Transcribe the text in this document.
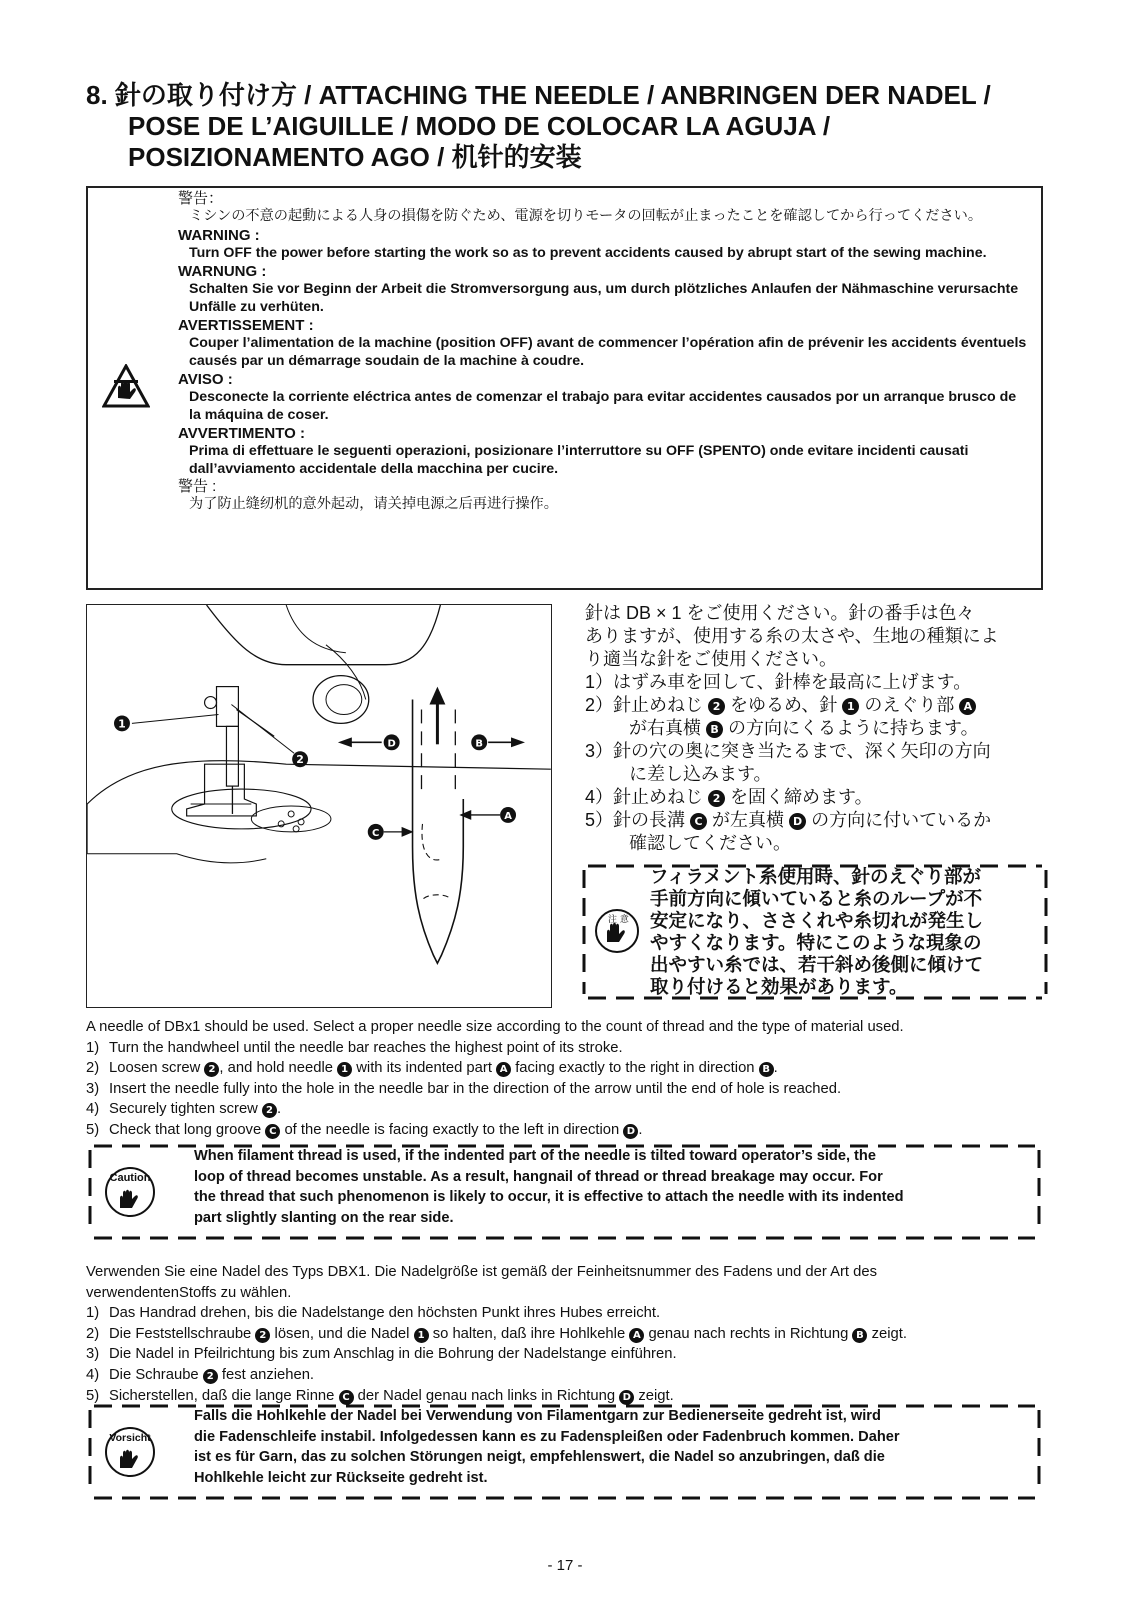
8. 針の取り付け方 / ATTACHING THE NEEDLE / ANBRINGEN DER NADEL /
POSE DE L’AIGUILLE / MODO DE COLOCAR LA AGUJA /
POSIZIONAMENTO AGO / 机针的安装
警告：
ミシンの不意の起動による人身の損傷を防ぐため、電源を切りモータの回転が止まったことを確認してから行ってください。
WARNING :
Turn OFF the power before starting the work so as to prevent accidents caused by abrupt start of the sewing machine.
WARNUNG :
Schalten Sie vor Beginn der Arbeit die Stromversorgung aus, um durch plötzliches Anlaufen der Nähmaschine verursachte Unfälle zu verhüten.
AVERTISSEMENT :
Couper l’alimentation de la machine (position OFF) avant de commencer l’opération afin de prévenir les accidents éventuels causés par un démarrage soudain de la machine à coudre.
AVISO :
Desconecte la corriente eléctrica antes de comenzar el trabajo para evitar accidentes causados por un arranque brusco de la máquina de coser.
AVVERTIMENTO :
Prima di effettuare le seguenti operazioni, posizionare l’interruttore su OFF (SPENTO) onde evitare incidenti causati dall’avviamento accidentale della macchina per cucire.
警告 :
为了防止缝纫机的意外起动，请关掉电源之后再进行操作。
1
2
D	B
A
C
針は DB × 1 をご使用ください。針の番手は色々
ありますが、使用する糸の太さや、生地の種類によ
り適当な針をご使用ください。
1）はずみ車を回して、針棒を最高に上げます。
2）針止めねじ 2 をゆるめ、針 1 のえぐり部 A
が右真横 B の方向にくるように持ちます。
3）針の穴の奥に突き当たるまで、深く矢印の方向
に差し込みます。
4）針止めねじ 2 を固く締めます。
5）針の長溝 C が左真横 D の方向に付いているか
確認してください。
注 意
フィラメント糸使用時、針のえぐり部が
手前方向に傾いていると糸のループが不
安定になり、ささくれや糸切れが発生し
やすくなります。特にこのような現象の
出やすい糸では、若干斜め後側に傾けて
取り付けると効果があります。
A needle of DBx1 should be used. Select a proper needle size according to the count of thread and the type of material used.
1) Turn the handwheel until the needle bar reaches the highest point of its stroke.
2) Loosen screw 2 , and hold needle 1 with its indented part A facing exactly to the right in direction B .
3) Insert the needle fully into the hole in the needle bar in the direction of the arrow until the end of hole is reached.
4) Securely tighten screw 2 .
5) Check that long groove C of the needle is facing exactly to the left in direction D .
Caution
When filament thread is used, if the indented part of the needle is tilted toward operator’s side, the
loop of thread becomes unstable. As a result, hangnail of thread or thread breakage may occur. For
the thread that such phenomenon is likely to occur, it is effective to attach the needle with its indented
part slightly slanting on the rear side.
Verwenden Sie eine Nadel des Typs DBX1. Die Nadelgröße ist gemäß der Feinheitsnummer des Fadens und der Art des
verwendentenStoffs zu wählen.
1) Das Handrad drehen, bis die Nadelstange den höchsten Punkt ihres Hubes erreicht.
2) Die Feststellschraube 2 lösen, und die Nadel 1 so halten, daß ihre Hohlkehle A genau nach rechts in Richtung B zeigt.
3) Die Nadel in Pfeilrichtung bis zum Anschlag in die Bohrung der Nadelstange einführen.
4) Die Schraube 2 fest anziehen.
5) Sicherstellen, daß die lange Rinne C der Nadel genau nach links in Richtung D zeigt.
Vorsicht
Falls die Hohlkehle der Nadel bei Verwendung von Filamentgarn zur Bedienerseite gedreht ist, wird
die Fadenschleife instabil. Infolgedessen kann es zu Fadenspleißen oder Fadenbruch kommen. Daher
ist es für Garn, das zu solchen Störungen neigt, empfehlenswert, die Nadel so anzubringen, daß die
Hohlkehle leicht zur Rückseite gedreht ist.
- 17 -
